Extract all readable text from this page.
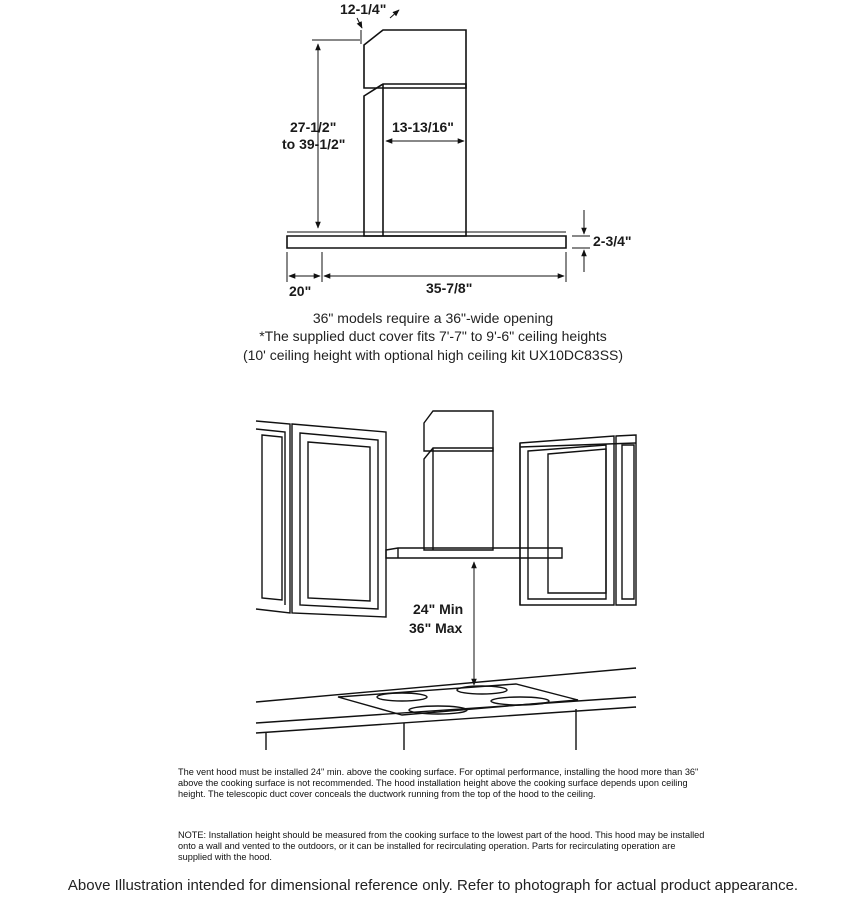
12-1/4"
27-1/2"
to 39-1/2"
13-13/16"
2-3/4"
20"	35-7/8"
36" models require a 36"-wide opening
*The supplied duct cover fits 7'-7" to 9'-6" ceiling heights
(10' ceiling height with optional high ceiling kit UX10DC83SS)
24" Min
36" Max
The vent hood must be installed 24" min. above the cooking surface. For optimal performance, installing the hood more than 36" above the cooking surface is not recommended. The hood installation height above the cooking surface depends upon ceiling height. The telescopic duct cover conceals the ductwork running from the top of the hood to the ceiling.
NOTE: Installation height should be measured from the cooking surface to the lowest part of the hood. This hood may be installed onto a wall and vented to the outdoors, or it can be installed for recirculating operation. Parts for recirculating operation are supplied with the hood.
Above Illustration intended for dimensional reference only. Refer to photograph for actual product appearance.
